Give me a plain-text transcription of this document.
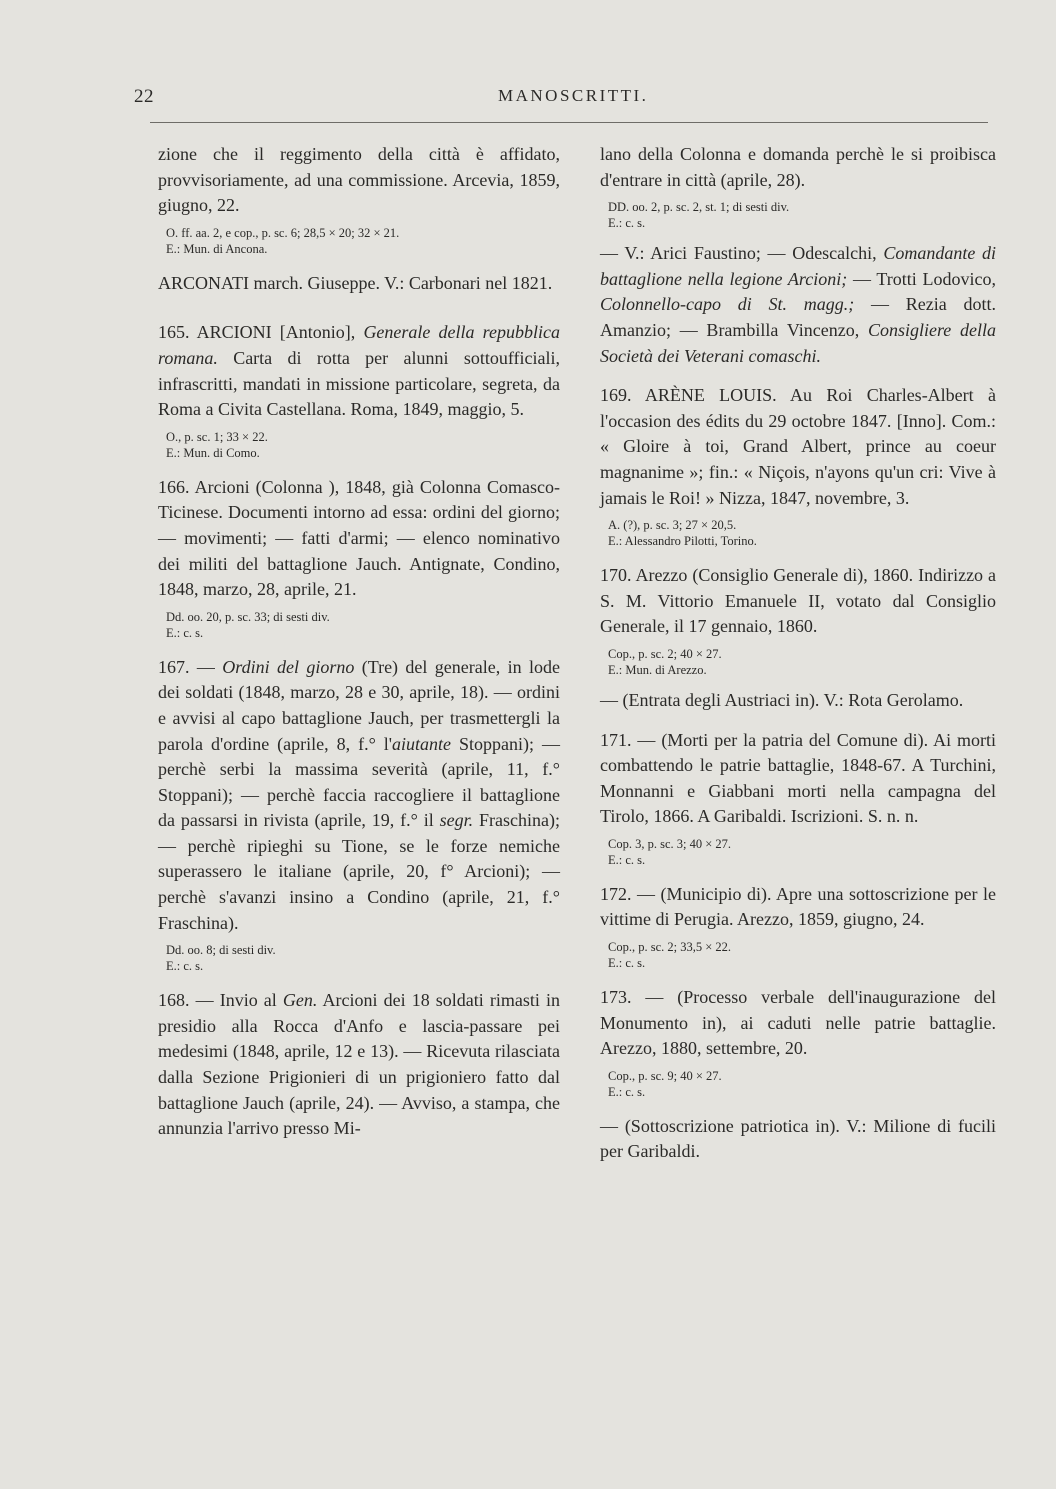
22	MANOSCRITTI.

zione che il reggimento della città è affidato, provvisoriamente, ad una commissione. Arcevia, 1859, giugno, 22.

O. ff. aa. 2, e cop., p. sc. 6; 28,5 × 20; 32 × 21.

E.: Mun. di Ancona.

ARCONATI march. Giuseppe. V.: Carbonari nel 1821.

165. ARCIONI [Antonio], Generale della repubblica romana. Carta di rotta per alunni sottoufficiali, infrascritti, mandati in missione particolare, segreta, da Roma a Civita Castellana. Roma, 1849, maggio, 5.

O., p. sc. 1; 33 × 22.

E.: Mun. di Como.

166. Arcioni (Colonna ), 1848, già Colonna Comasco-Ticinese. Documenti intorno ad essa: ordini del giorno; — movimenti; — fatti d'armi; — elenco nominativo dei militi del battaglione Jauch. Antignate, Condino, 1848, marzo, 28, aprile, 21.

Dd. oo. 20, p. sc. 33; di sesti div.

E.: c. s.

167. — Ordini del giorno (Tre) del generale, in lode dei soldati (1848, marzo, 28 e 30, aprile, 18). — ordini e avvisi al capo battaglione Jauch, per trasmettergli la parola d'ordine (aprile, 8, f.° l'aiutante Stoppani); — perchè serbi la massima severità (aprile, 11, f.° Stoppani); — perchè faccia raccogliere il battaglione da passarsi in rivista (aprile, 19, f.° il segr. Fraschina); — perchè ripieghi su Tione, se le forze nemiche superassero le italiane (aprile, 20, f° Arcioni); — perchè s'avanzi insino a Condino (aprile, 21, f.° Fraschina).

Dd. oo. 8; di sesti div.

E.: c. s.

168. — Invio al Gen. Arcioni dei 18 soldati rimasti in presidio alla Rocca d'Anfo e lascia-passare pei medesimi (1848, aprile, 12 e 13). — Ricevuta rilasciata dalla Sezione Prigionieri di un prigioniero fatto dal battaglione Jauch (aprile, 24). — Avviso, a stampa, che annunzia l'arrivo presso Mi-

lano della Colonna e domanda perchè le si proibisca d'entrare in città (aprile, 28).

DD. oo. 2, p. sc. 2, st. 1; di sesti div.

E.: c. s.

— V.: Arici Faustino; — Odescalchi, Comandante di battaglione nella legione Arcioni; — Trotti Lodovico, Colonnello-capo di St. magg.; — Rezia dott. Amanzio; — Brambilla Vincenzo, Consigliere della Società dei Veterani comaschi.

169. ARÈNE LOUIS. Au Roi Charles-Albert à l'occasion des édits du 29 octobre 1847. [Inno]. Com.: « Gloire à toi, Grand Albert, prince au coeur magnanime »; fin.: « Niçois, n'ayons qu'un cri: Vive à jamais le Roi! » Nizza, 1847, novembre, 3.

A. (?), p. sc. 3; 27 × 20,5.

E.: Alessandro Pilotti, Torino.

170. Arezzo (Consiglio Generale di), 1860. Indirizzo a S. M. Vittorio Emanuele II, votato dal Consiglio Generale, il 17 gennaio, 1860.

Cop., p. sc. 2; 40 × 27.

E.: Mun. di Arezzo.

— (Entrata degli Austriaci in). V.: Rota Gerolamo.

171. — (Morti per la patria del Comune di). Ai morti combattendo le patrie battaglie, 1848-67. A Turchini, Monnanni e Giabbani morti nella campagna del Tirolo, 1866. A Garibaldi. Iscrizioni. S. n. n.

Cop. 3, p. sc. 3; 40 × 27.

E.: c. s.

172. — (Municipio di). Apre una sottoscrizione per le vittime di Perugia. Arezzo, 1859, giugno, 24.

Cop., p. sc. 2; 33,5 × 22.

E.: c. s.

173. — (Processo verbale dell'inaugurazione del Monumento in), ai caduti nelle patrie battaglie. Arezzo, 1880, settembre, 20.

Cop., p. sc. 9; 40 × 27.

E.: c. s.

— (Sottoscrizione patriotica in). V.: Milione di fucili per Garibaldi.
